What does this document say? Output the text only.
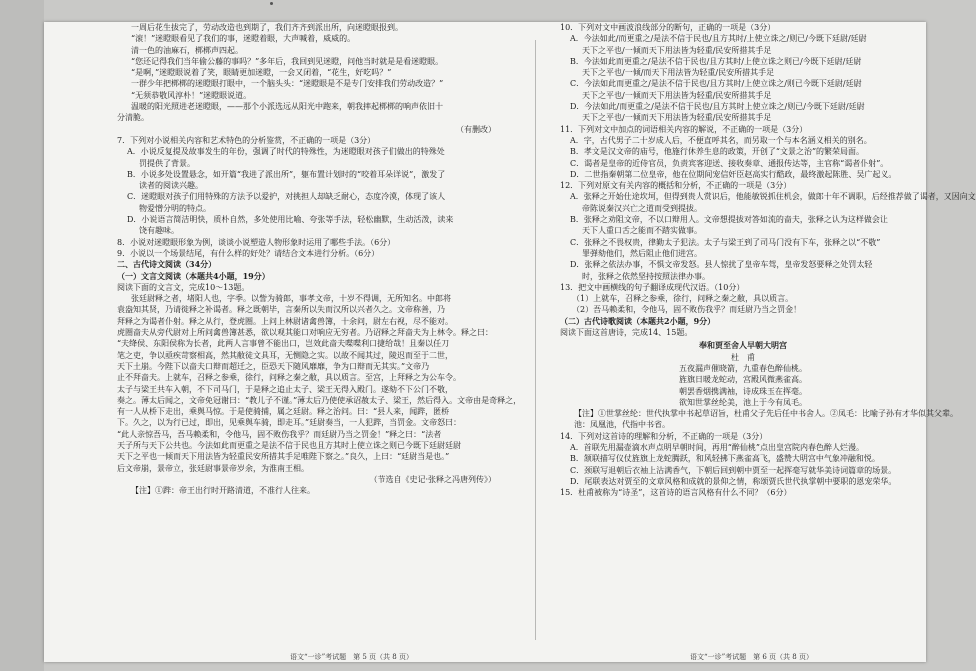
一周后花生拔完了，劳动改造也到期了，我们齐齐到派出所，向迷瞪眼报到。

“滚！”迷瞪眼看见了我们的事，迷瞪着眼，大声喊着，威威的。

清一色的油麻石，梆梆声四起。

“您还记得我们当年偷公藤的事吗？”多年后，我回到见迷瞪，问他当时就是是看迷瞪眼。

“是啊，”迷瞪眼说着了笑，眼睛更加迷瞪，一会又闭着，“花生，好吃吗？”

一群少年把梆梆的迷瞪眼打眼中，一个脑头头：“迷瞪眼是不是专门安排我们劳动改造？”

“无须恭敬风淳朴！”迷瞪眼说道。

温暖的阳光照进老迷瞪眼，——那个小派选远从阳光中跑来，朝我摔起梆梆的响声依旧十

分清脆。

（有删改）

7．下列对小说相关内容和艺术特色的分析鉴赏，不正确的一项是（3分）

A．小说反复提及故事发生的年份，强调了时代的特殊性，为迷瞪眼对孩子们做出的特殊处

罚提供了背景。

B．小说多处设置悬念，如开篇“我进了派出所”，躯布置计划时的“咬着耳朵详说”，激发了

读者的阅读兴趣。

C．迷瞪眼对孩子们用特殊的方法予以爱护，对挑担人却缺乏耐心，态度冷漠，体现了该人

物爱憎分明的特点。

D．小说语言简洁明快，质朴自然，多处使用比喻、夸张等手法，轻松幽默，生动活泼，读来

饶有趣味。

8．小说对迷瞪眼形象为例，谈谈小说塑造人物形象时运用了哪些手法。（6分）

9．小说以一个场景结尾，有什么样的好处？请结合文本进行分析。（6分）

二、古代诗文阅读（34分）

（一）文言文阅读（本题共4小题，19分）

阅读下面的文言文，完成10～13题。

张廷尉释之者，堵阳人也，字季。以訾为骑郎，事孝文帝，十岁不得调，无所知名。中郎将

袁盎知其贤，乃请徙释之补谒者。释之既朝毕，言秦所以失而汉所以兴者久之。文帝称善，乃

拜释之为谒者仆射。释之从行，登虎圈。上问上林尉诸禽兽簿，十余问，尉左右视，尽不能对。

虎圈啬夫从旁代尉对上所问禽兽簿甚悉，欲以观其能口对响应无穷者。乃诏释之拜啬夫为上林令。释之曰：

“夫绛侯、东阳侯称为长者，此两人言事曾不能出口，岂效此啬夫喋喋利口捷给哉！且秦以任刀

笔之吏，争以亟疾苛察相高，然其敝徒文具耳，无恻隐之实。以故不闻其过，陵迟而至于二世，

天下土崩。今陛下以啬夫口辩而超迁之，臣恐天下随风靡靡，争为口辩而无其实。”文帝乃

止不拜啬夫。上就车，召释之参乘，徐行，问释之秦之敝，具以质言。至宫，上拜释之为公车令。

太子与梁王共车入朝，不下司马门，于是释之追止太子、梁王无得入殿门。遂劾不下公门不敬，

奏之。薄太后闻之，文帝免冠谢曰：“教儿子不谨。”薄太后乃使使承诏赦太子、梁王，然后得入。文帝由是奇释之，

有一人从桥下走出，乘舆马惊。于是使骑捕，属之廷尉。释之治问。曰：“县人来，闻跸，匿桥

下。久之，以为行已过，即出，见乘舆车骑，即走耳。”廷尉奏当，一人犯跸，当罚金。文帝怒曰：

“此人亲惊吾马，吾马赖柔和，令他马，固不败伤我乎？而廷尉乃当之罚金！”释之曰：“法者

天子所与天下公共也。今法如此而更重之是法不信于民也且方其时上使立诛之则已今既下廷尉廷尉

天下之平也一倾而天下用法皆为轻重民安所措其手足唯陛下察之。”良久，上曰：“廷尉当是也。”

后文帝崩，景帝立，张廷尉事景帝岁余，为淮南王相。

（节选自《史记·张释之冯唐列传》）

【注】①跸：帝王出行时开路清道，不准行人往来。

10．下列对文中画波浪线部分的断句，正确的一项是（3分）

A．今法如此/而更重之/是法不信于民也/且方其时/上使立诛之/则已/今既下廷尉/廷尉

天下之平也/一倾而天下用法皆为轻重/民安所措其手足

B．今法如此而更重之/是法不信于民也/且方其时/上使立诛之则已/今既下廷尉/廷尉

天下之平也/一倾/而天下用法皆为轻重/民安所措其手足

C．今法如此而更重之/是法不信于民也/且方其时/上使立诛之/则已今既下廷尉/廷尉

天下之平也/一倾而天下用法皆为轻重/民安所措其手足

D．今法如此/而更重之/是法不信于民也/且方其时上使立诛之/则已/今既下廷尉/廷尉

天下之平也/一倾而天下用法皆为轻重/民安所措其手足

11．下列对文中加点的词语相关内容的解说，不正确的一项是（3分）

A．字，古代男子二十岁成人后，不便直呼其名，而另取一个与本名涵义相关的别名。

B．孝文是汉文帝的庙号，他施行休养生息的政策，开创了“文景之治”的繁荣局面。

C．谒者是皇帝的近侍官员，负责宾客迎送、接收奏章、通报传达等，主官称“谒者仆射”。

D．二世指秦朝第二位皇帝，他在位期间宠信奸臣赵高实行酷政，最终激起陈胜、吴广起义。

12．下列对原文有关内容的概括和分析，不正确的一项是（3分）

A．张释之开始仕途坎坷，但得到贵人赏识后，他能敏锐抓住机会，做郎十年不调职，后经推荐做了谒者，又因向文

帝陈说秦汉兴亡之道而受到提拔。

B．张释之劝阻文帝，不以口辩用人。文帝想提拔对答如流的啬夫，张释之认为这样做会让

天下人重口舌之能而不踏实做事。

C．张释之不畏权贵，律勤太子犯法。太子与梁王到了司马门没有下车，张释之以“不敬”

罪弹劾他们，然后阻止他们进宫。

D．张释之依法办事，不惧文帝发怒。县人惊扰了皇帝车驾，皇帝发怒要释之处罚太轻

时，张释之依然坚持按照法律办事。

13．把文中画横线的句子翻译成现代汉语。（10分）

（1）上就车，召释之参乘，徐行，问释之秦之敝，具以质言。

（2）吾马赖柔和，令他马，固不败伤我乎？而廷尉乃当之罚金！

（二）古代诗歌阅读（本题共2小题，9分）

阅读下面这首唐诗，完成14、15题。

奉和贾至舍人早朝大明宫

杜　甫

五夜漏声催晓箭，九重春色醉仙桃。

旌旗日暖龙蛇动，宫殿风微燕雀高。

朝罢香烟携满袖，诗成珠玉在挥毫。

欲知世掌丝纶美，池上于今有凤毛。

【注】①世掌丝纶：世代执掌中书起草诏旨，杜甫父子先后任中书舍人。②凤毛：比喻子孙有才华似其父辈。

池：凤凰池，代指中书省。

14．下列对这首诗的理解和分析，不正确的一项是（3分）

A．首联先用漏壶滴水声点明早朝时间，再用“醉仙桃”点出皇宫院内春色醉人烂漫。

B．颔联描写仪仗旌旗上龙蛇腾跃，和风轻拂下燕雀高飞，盛赞大明宫中气象冲融和悦。

C．颈联写退朝后衣袖上沾满香气，下朝后回到朝中贾至一起挥毫写就华美诗词篇章的场景。

D．尾联表达对贾至的文章风格和成就的景仰之情，称颂贾氏世代执掌朝中要职的恩宠荣华。

15．杜甫被称为“诗圣”，这首诗的语言风格有什么不同？（6分）

语文“一诊”考试题　第 5 页（共 8 页）	语文“一诊”考试题　第 6 页（共 8 页）
